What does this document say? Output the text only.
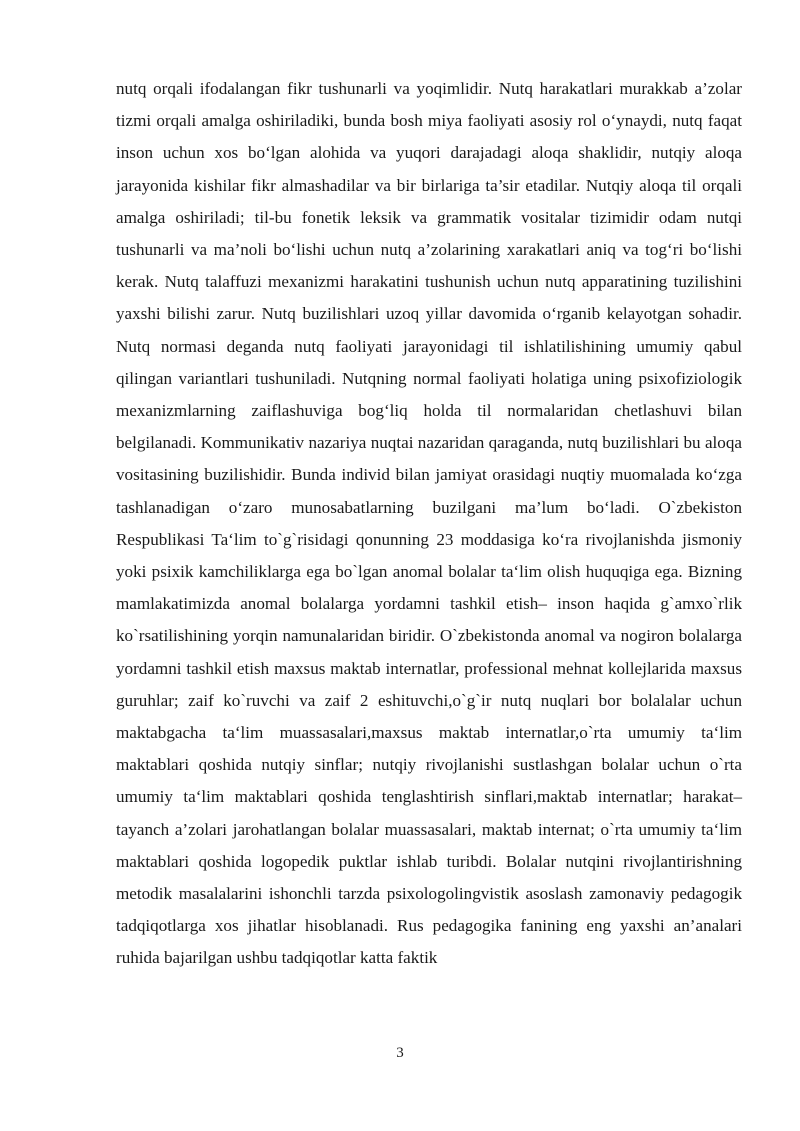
nutq orqali ifodalangan fikr tushunarli va yoqimlidir. Nutq harakatlari murakkab a’zolar tizmi orqali amalga oshiriladiki, bunda bosh miya faoliyati asosiy rol o‘ynaydi, nutq faqat inson uchun xos bo‘lgan alohida va yuqori darajadagi aloqa shaklidir, nutqiy aloqa jarayonida kishilar fikr almashadilar va bir birlariga ta’sir etadilar. Nutqiy aloqa til orqali amalga oshiriladi; til-bu fonetik leksik va grammatik vositalar tizimidir odam nutqi tushunarli va ma’noli bo‘lishi uchun nutq a’zolarining xarakatlari aniq va tog‘ri bo‘lishi kerak. Nutq talaffuzi mexanizmi harakatini tushunish uchun nutq apparatining tuzilishini yaxshi bilishi zarur. Nutq buzilishlari uzoq yillar davomida o‘rganib kelayotgan sohadir. Nutq normasi deganda nutq faoliyati jarayonidagi til ishlatilishining umumiy qabul qilingan variantlari tushuniladi. Nutqning normal faoliyati holatiga uning psixofiziologik mexanizmlarning zaiflashuviga bog‘liq holda til normalaridan chetlashuvi bilan belgilanadi. Kommunikativ nazariya nuqtai nazaridan qaraganda, nutq buzilishlari bu aloqa vositasining buzilishidir. Bunda individ bilan jamiyat orasidagi nuqtiy muomalada ko‘zga tashlanadigan o‘zaro munosabatlarning buzilgani ma’lum bo‘ladi. O`zbekiston Respublikasi Ta‘lim to`g`risidagi qonunning 23 moddasiga ko‘ra rivojlanishda jismoniy yoki psixik kamchiliklarga ega bo`lgan anomal bolalar ta‘lim olish huquqiga ega. Bizning mamlakatimizda anomal bolalarga yordamni tashkil etish– inson haqida g`amxo`rlik ko`rsatilishining yorqin namunalaridan biridir. O`zbekistonda anomal va nogiron bolalarga yordamni tashkil etish maxsus maktab internatlar, professional mehnat kollejlarida maxsus guruhlar; zaif ko`ruvchi va zaif 2 eshituvchi,o`g`ir nutq nuqlari bor bolalalar uchun maktabgacha ta‘lim muassasalari,maxsus maktab internatlar,o`rta umumiy ta‘lim maktablari qoshida nutqiy sinflar; nutqiy rivojlanishi sustlashgan bolalar uchun o`rta umumiy ta‘lim maktablari qoshida tenglashtirish sinflari,maktab internatlar; harakat– tayanch a’zolari jarohatlangan bolalar muassasalari, maktab internat; o`rta umumiy ta‘lim maktablari qoshida logopedik puktlar ishlab turibdi. Bolalar nutqini rivojlantirishning metodik masalalarini ishonchli tarzda psixologolingvistik asoslash zamonaviy pedagogik tadqiqotlarga xos jihatlar hisoblanadi. Rus pedagogika fanining eng yaxshi an’analari ruhida bajarilgan ushbu tadqiqotlar katta faktik

3
